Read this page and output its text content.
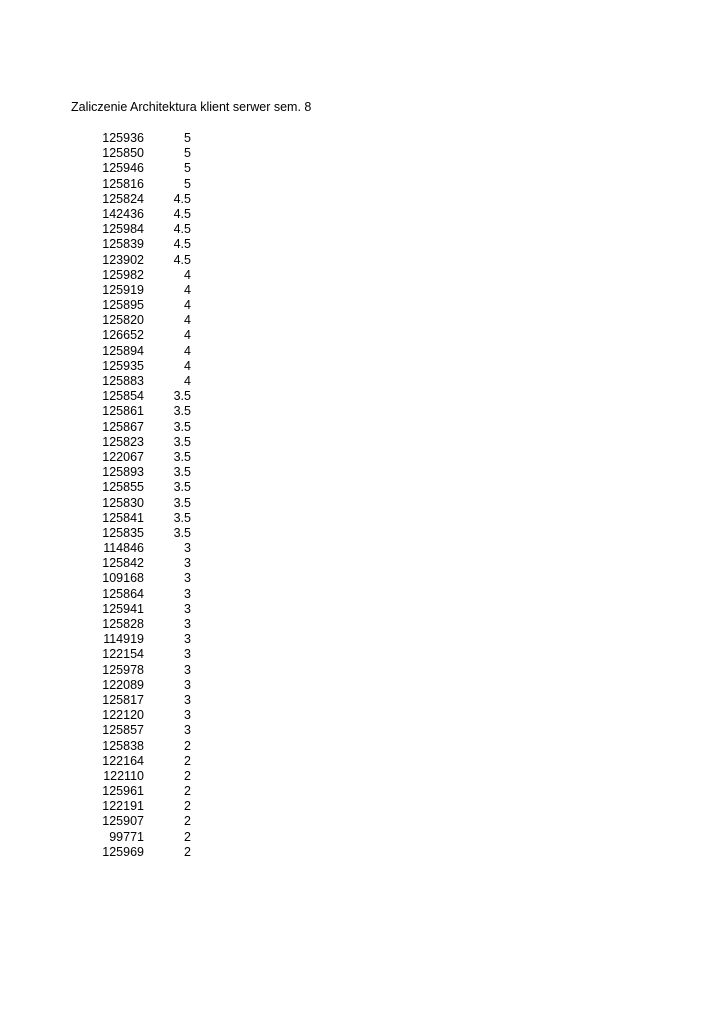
Zaliczenie Architektura klient serwer sem. 8
125936	5
125850	5
125946	5
125816	5
125824 4.5
142436 4.5
125984 4.5
125839 4.5
123902 4.5
125982	4
125919	4
125895	4
125820	4
126652	4
125894	4
125935	4
125883	4
125854 3.5
125861 3.5
125867 3.5
125823 3.5
122067 3.5
125893 3.5
125855 3.5
125830 3.5
125841 3.5
125835 3.5
114846	3
125842	3
109168	3
125864	3
125941	3
125828	3
114919	3
122154	3
125978	3
122089	3
125817	3
122120	3
125857	3
125838	2
122164	2
122110	2
125961	2
122191	2
125907	2
99771	2
125969	2
